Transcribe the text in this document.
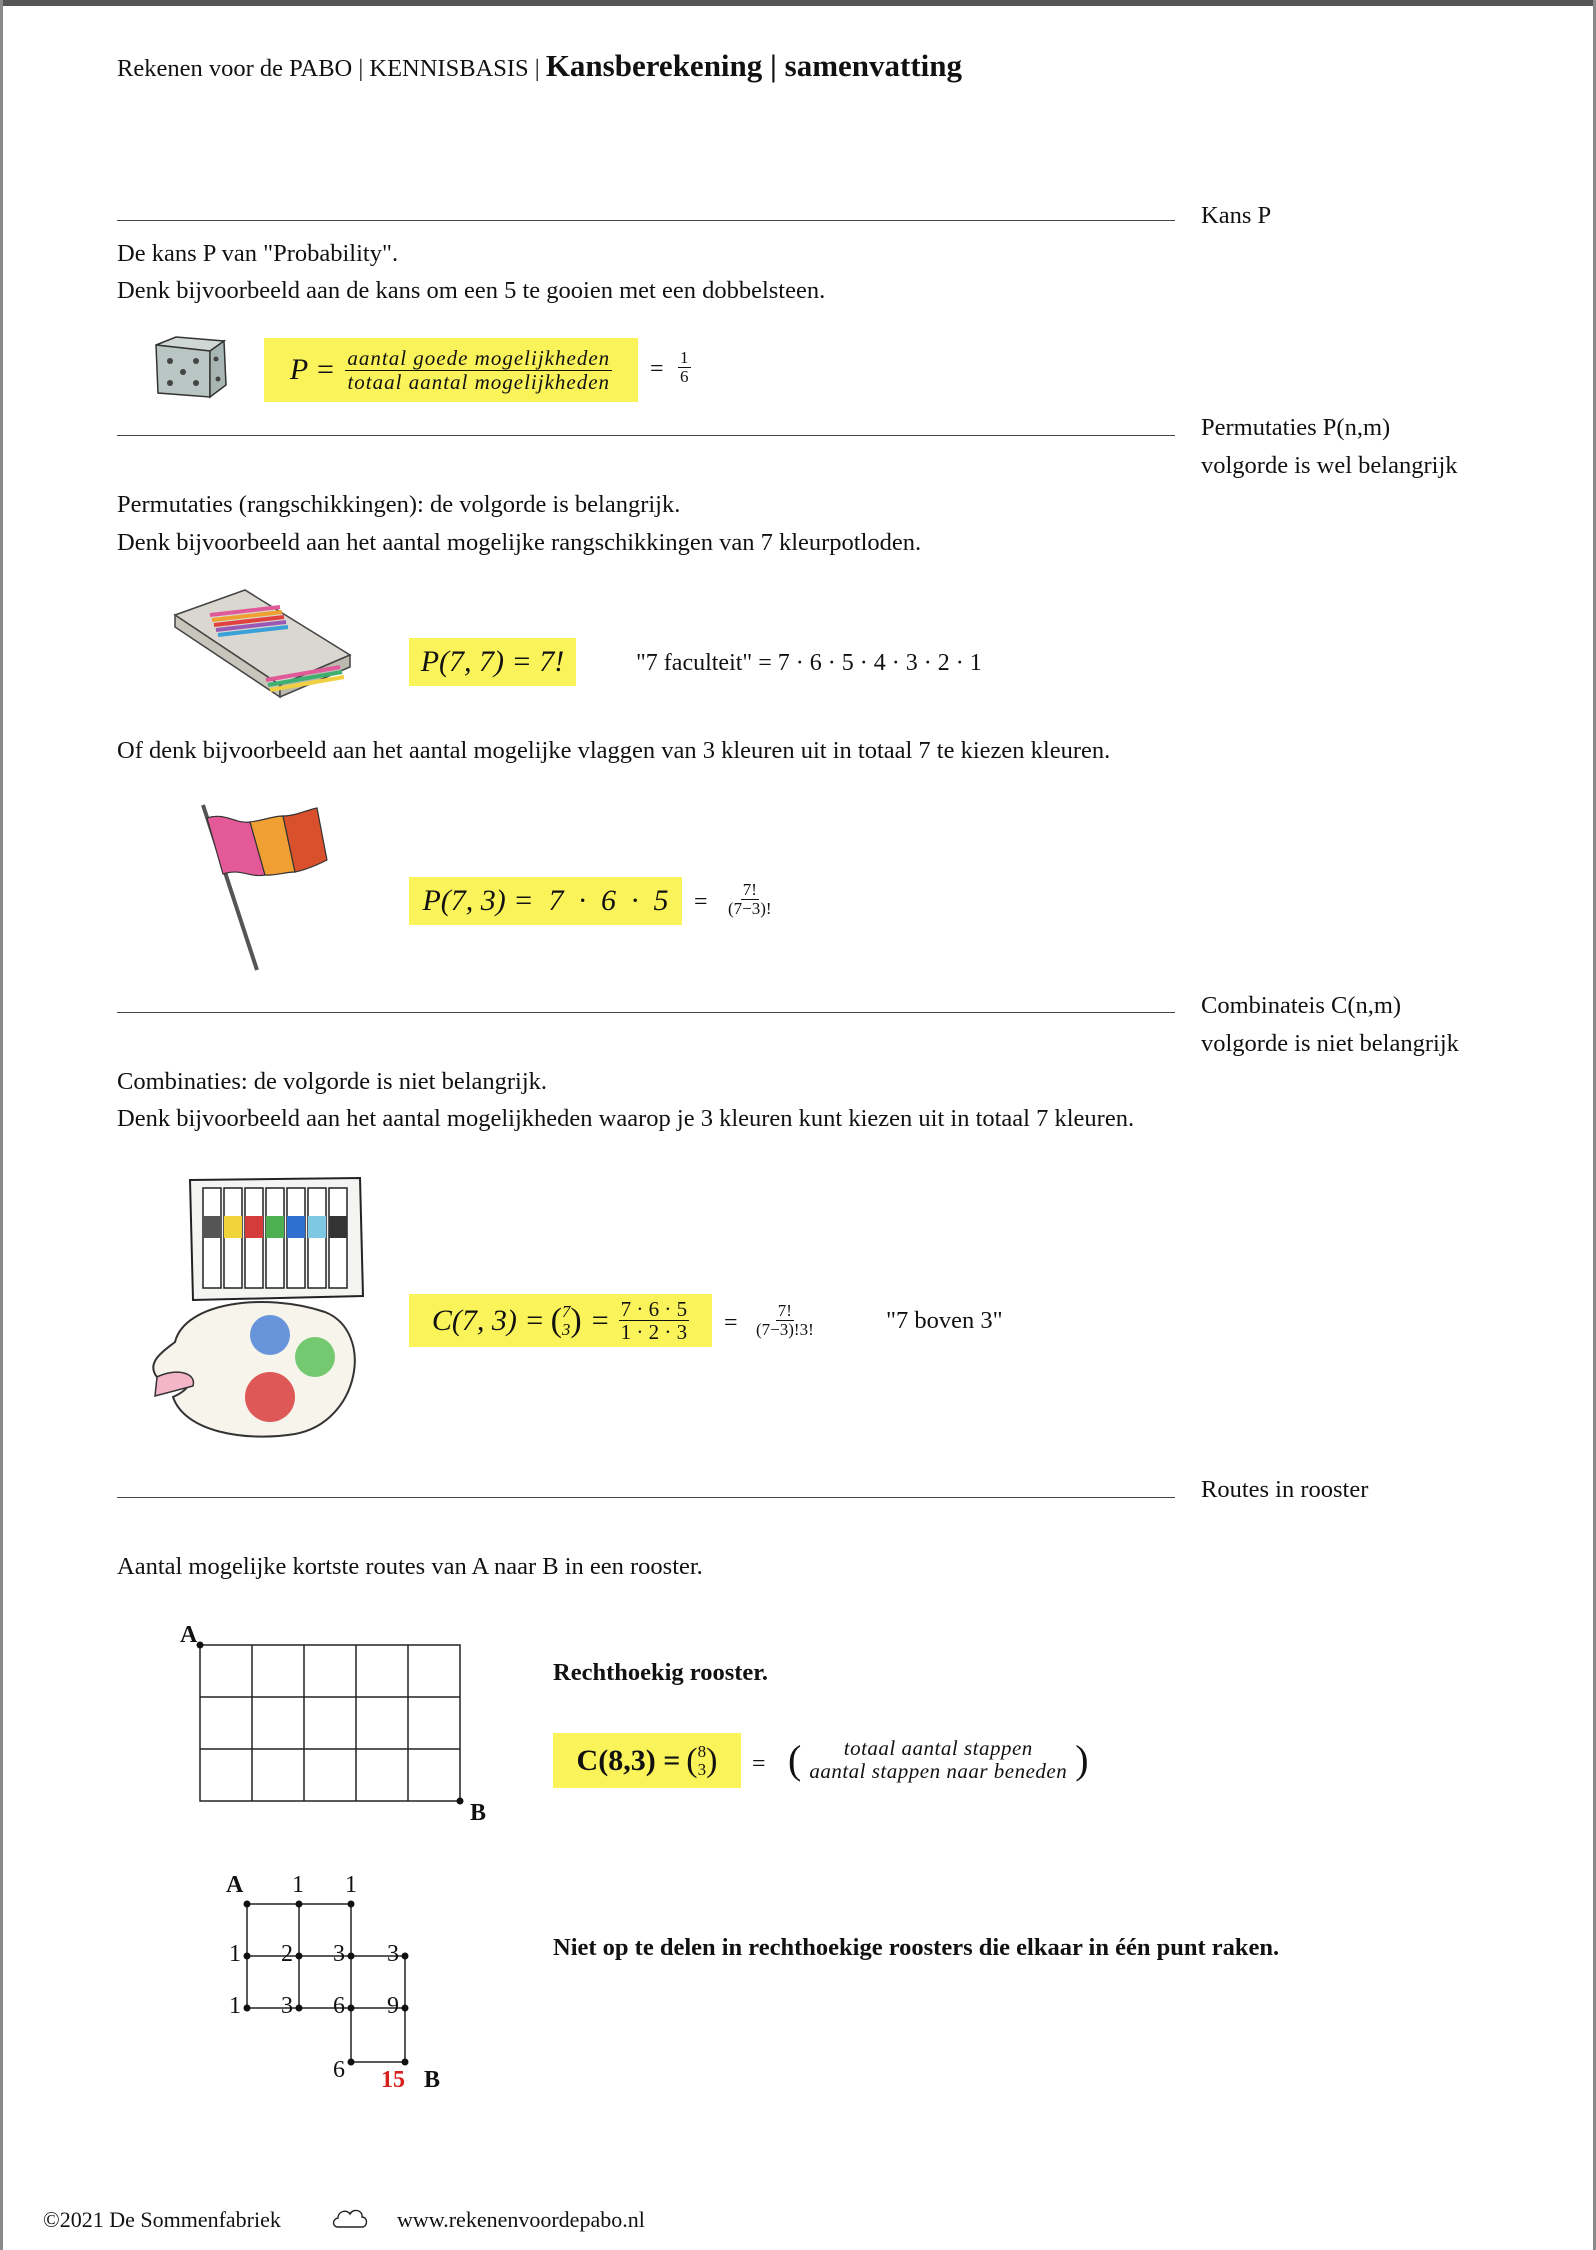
Rekenen voor de PABO | KENNISBASIS | Kansberekening | samenvatting
Kans P
De kans P van "Probability".
Denk bijvoorbeeld aan de kans om een 5 te gooien met een dobbelsteen.
$P = \frac{\text{aantal goede mogelijkheden}}{\text{totaal aantal mogelijkheden}} = \frac{1}{6}$
Permutaties P(n,m)
volgorde is wel belangrijk
Permutaties (rangschikkingen): de volgorde is belangrijk.
Denk bijvoorbeeld aan het aantal mogelijke rangschikkingen van 7 kleurpotloden.
P(7, 7) = 7!	"7 faculteit" = 7 · 6 · 5 · 4 · 3 · 2 · 1
Of denk bijvoorbeeld aan het aantal mogelijke vlaggen van 3 kleuren uit in totaal 7 te kiezen kleuren.
P(7, $3) = 7 \cdot 6 \cdot 5 = \frac{7!}{(7-3)!}$
Combinateis C(n,m)
volgorde is niet belangrijk
Combinaties: de volgorde is niet belangrijk.
Denk bijvoorbeeld aan het aantal mogelijkheden waarop je 3 kleuren kunt kiezen uit in totaal 7 kleuren.
C(7, 3) = ( 7
3 ) = $\frac{7 \cdot 6 \cdot 5}{1 \cdot 2 \cdot 3} = \frac{7!}{(7-3)!3!}$	"7 boven 3"
Routes in rooster
Aantal mogelijke kortste routes van A naar B in een rooster.
A
B
Rechthoekig rooster.
C(8,3) = ( 8
3 ) = ( totaal aantal stappen
aantal stappen naar beneden )
A 1 1
1 2 3 3
1 3 6 9
6 15 B
Niet op te delen in rechthoekige roosters die elkaar in één punt raken.
©2021 De Sommenfabriek	www.rekenenvoordepabo.nl
